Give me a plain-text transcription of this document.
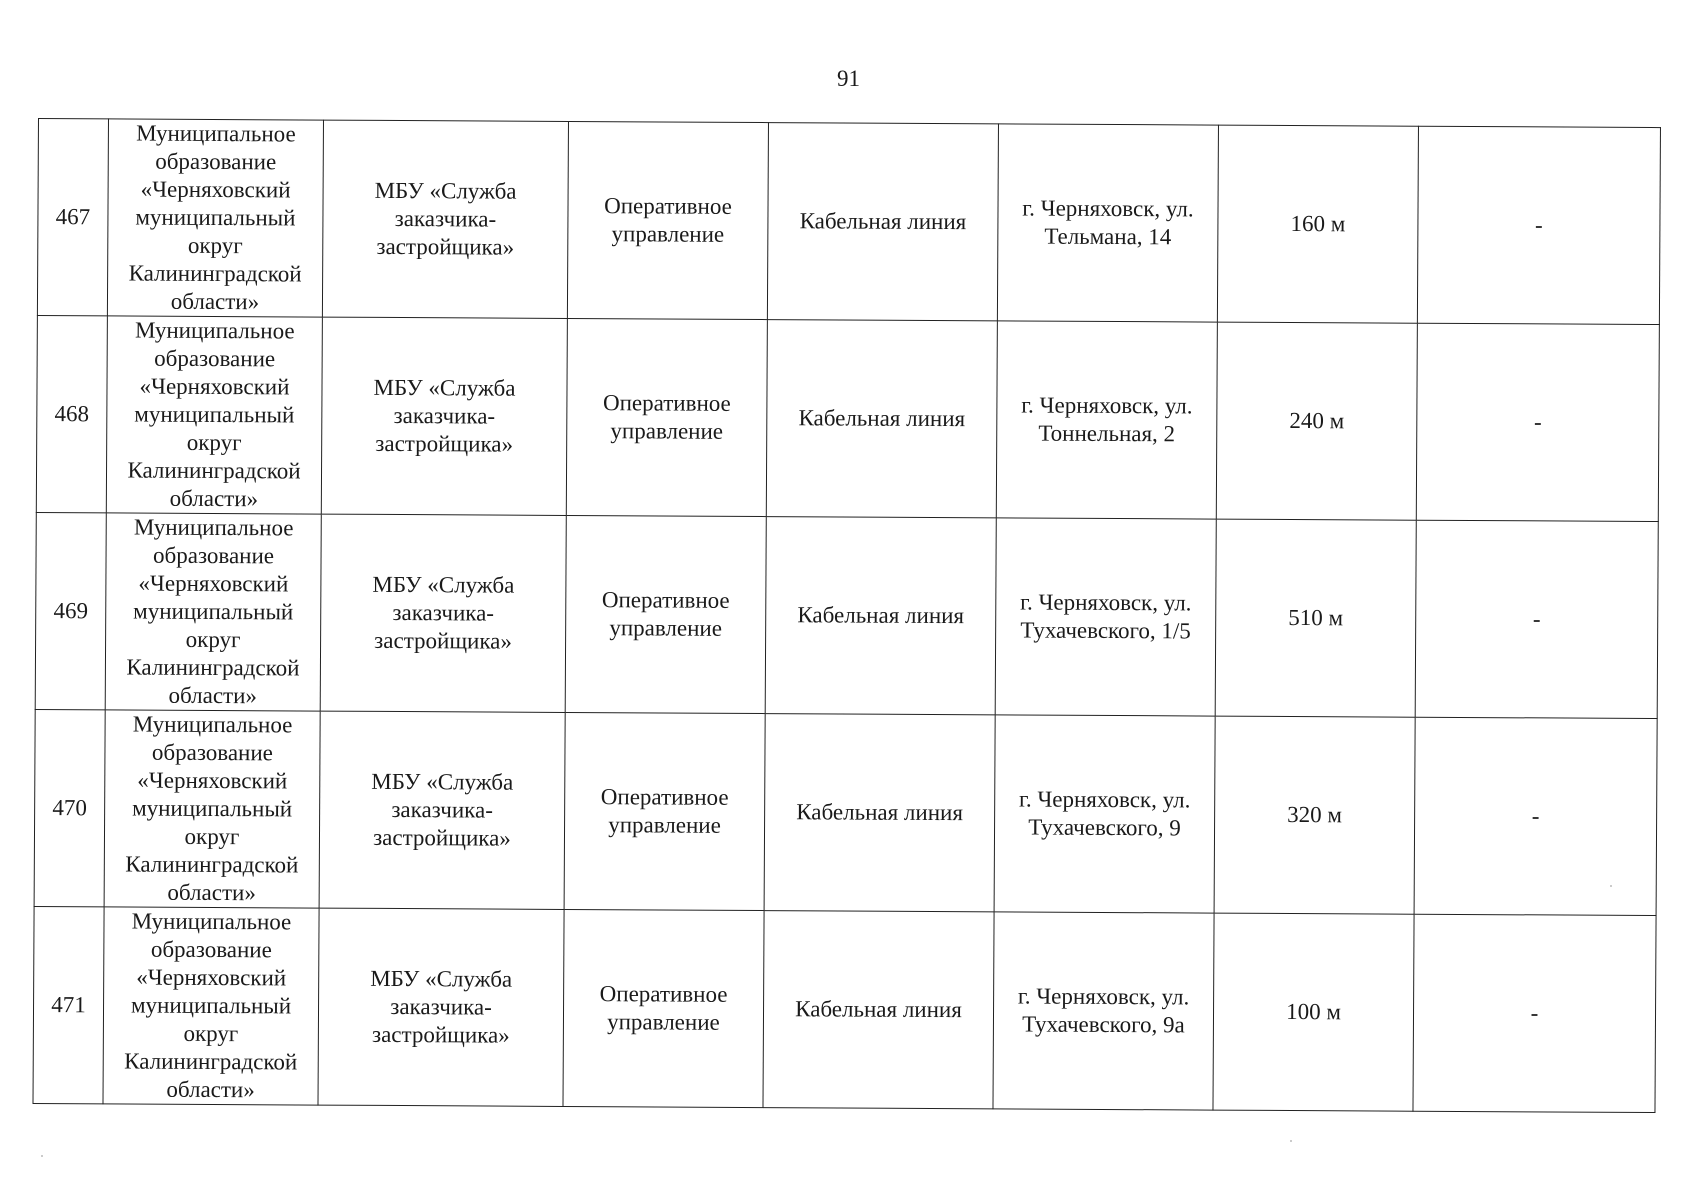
91
467	Муниципальное образование «Черняховский муниципальный округ Калининградской области»	МБУ «Служба заказчика-застройщика»	Оперативное управление	Кабельная линия	г. Черняховск, ул. Тельмана, 14	160 м	-
468	Муниципальное образование «Черняховский муниципальный округ Калининградской области»	МБУ «Служба заказчика-застройщика»	Оперативное управление	Кабельная линия	г. Черняховск, ул. Тоннельная, 2	240 м	-
469	Муниципальное образование «Черняховский муниципальный округ Калининградской области»	МБУ «Служба заказчика-застройщика»	Оперативное управление	Кабельная линия	г. Черняховск, ул. Тухачевского, 1/5	510 м	-
470	Муниципальное образование «Черняховский муниципальный округ Калининградской области»	МБУ «Служба заказчика-застройщика»	Оперативное управление	Кабельная линия	г. Черняховск, ул. Тухачевского, 9	320 м	-
471	Муниципальное образование «Черняховский муниципальный округ Калининградской области»	МБУ «Служба заказчика-застройщика»	Оперативное управление	Кабельная линия	г. Черняховск, ул. Тухачевского, 9а	100 м	-
